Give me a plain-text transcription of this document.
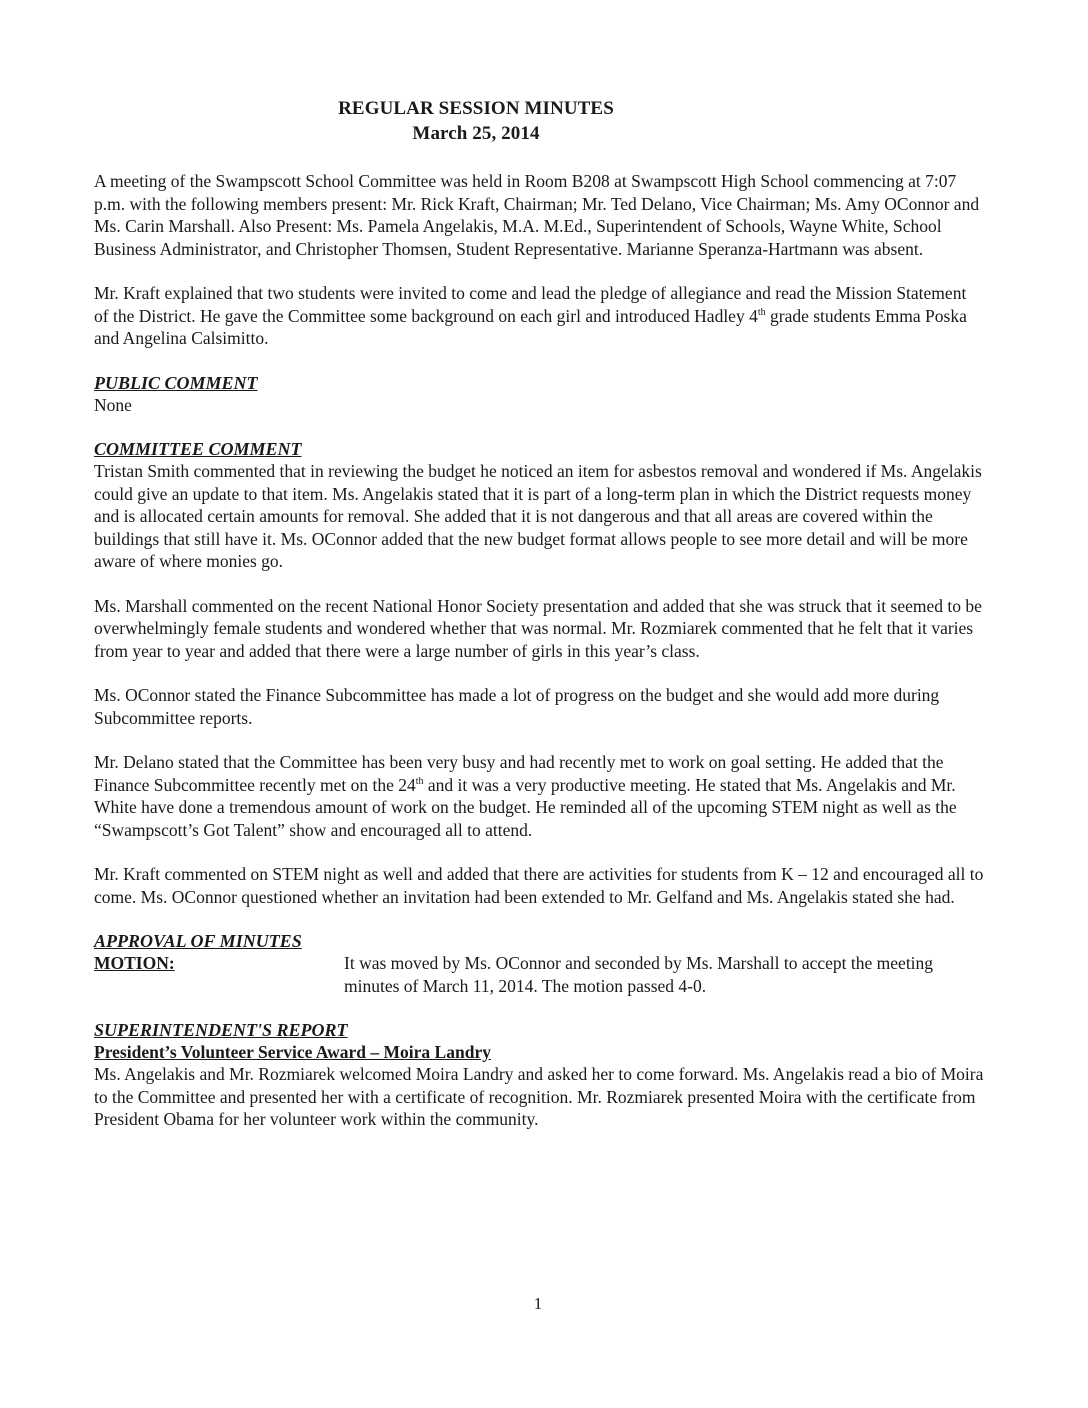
REGULAR SESSION MINUTES
March 25, 2014

A meeting of the Swampscott School Committee was held in Room B208 at Swampscott High School commencing at 7:07 p.m. with the following members present: Mr. Rick Kraft, Chairman; Mr. Ted Delano, Vice Chairman; Ms. Amy OConnor and Ms. Carin Marshall. Also Present: Ms. Pamela Angelakis, M.A. M.Ed., Superintendent of Schools, Wayne White, School Business Administrator, and Christopher Thomsen, Student Representative. Marianne Speranza-Hartmann was absent.

Mr. Kraft explained that two students were invited to come and lead the pledge of allegiance and read the Mission Statement of the District. He gave the Committee some background on each girl and introduced Hadley 4th grade students Emma Poska and Angelina Calsimitto.

PUBLIC COMMENT
None
COMMITTEE COMMENT

Tristan Smith commented that in reviewing the budget he noticed an item for asbestos removal and wondered if Ms. Angelakis could give an update to that item. Ms. Angelakis stated that it is part of a long-term plan in which the District requests money and is allocated certain amounts for removal. She added that it is not dangerous and that all areas are covered within the buildings that still have it. Ms. OConnor added that the new budget format allows people to see more detail and will be more aware of where monies go.

Ms. Marshall commented on the recent National Honor Society presentation and added that she was struck that it seemed to be overwhelmingly female students and wondered whether that was normal. Mr. Rozmiarek commented that he felt that it varies from year to year and added that there were a large number of girls in this year’s class.

Ms. OConnor stated the Finance Subcommittee has made a lot of progress on the budget and she would add more during Subcommittee reports.

Mr. Delano stated that the Committee has been very busy and had recently met to work on goal setting. He added that the Finance Subcommittee recently met on the 24th and it was a very productive meeting. He stated that Ms. Angelakis and Mr. White have done a tremendous amount of work on the budget. He reminded all of the upcoming STEM night as well as the “Swampscott’s Got Talent” show and encouraged all to attend.

Mr. Kraft commented on STEM night as well and added that there are activities for students from K – 12 and encouraged all to come. Ms. OConnor questioned whether an invitation had been extended to Mr. Gelfand and Ms. Angelakis stated she had.

APPROVAL OF MINUTES
MOTION:	It was moved by Ms. OConnor and seconded by Ms. Marshall to accept the meeting minutes of March 11, 2014. The motion passed 4-0.
SUPERINTENDENT'S REPORT
President’s Volunteer Service Award – Moira Landry

Ms. Angelakis and Mr. Rozmiarek welcomed Moira Landry and asked her to come forward. Ms. Angelakis read a bio of Moira to the Committee and presented her with a certificate of recognition. Mr. Rozmiarek presented Moira with the certificate from President Obama for her volunteer work within the community.

1
